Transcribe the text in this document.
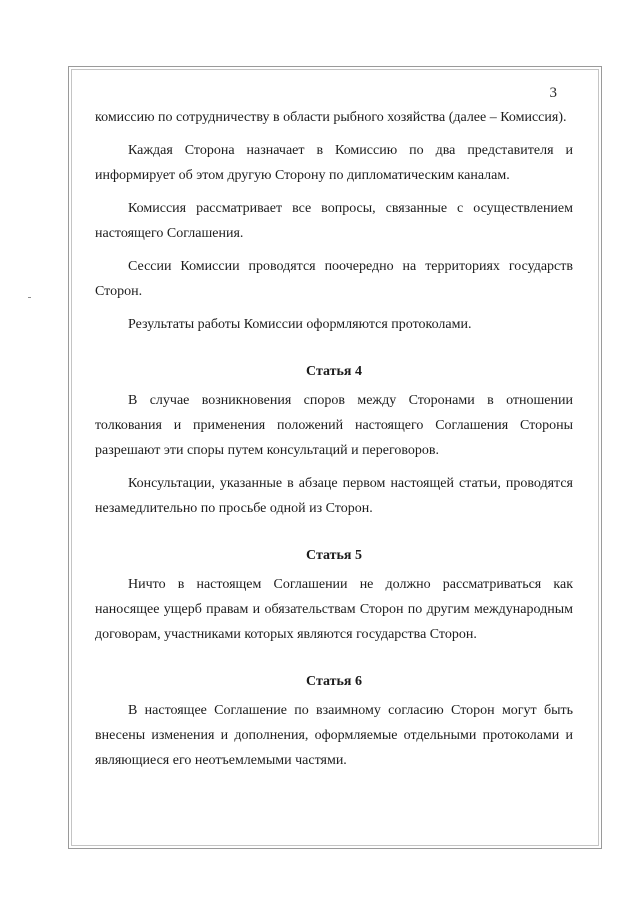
3

комиссию по сотрудничеству в области рыбного хозяйства (далее – Комиссия).

Каждая Сторона назначает в Комиссию по два представителя и информирует об этом другую Сторону по дипломатическим каналам.

Комиссия рассматривает все вопросы, связанные с осуществлением настоящего Соглашения.

Сессии Комиссии проводятся поочередно на территориях государств Сторон.

Результаты работы Комиссии оформляются протоколами.

Статья 4

В случае возникновения споров между Сторонами в отношении толкования и применения положений настоящего Соглашения Стороны разрешают эти споры путем консультаций и переговоров.

Консультации, указанные в абзаце первом настоящей статьи, проводятся незамедлительно по просьбе одной из Сторон.

Статья 5

Ничто в настоящем Соглашении не должно рассматриваться как наносящее ущерб правам и обязательствам Сторон по другим международным договорам, участниками которых являются государства Сторон.

Статья 6

В настоящее Соглашение по взаимному согласию Сторон могут быть внесены изменения и дополнения, оформляемые отдельными протоколами и являющиеся его неотъемлемыми частями.
